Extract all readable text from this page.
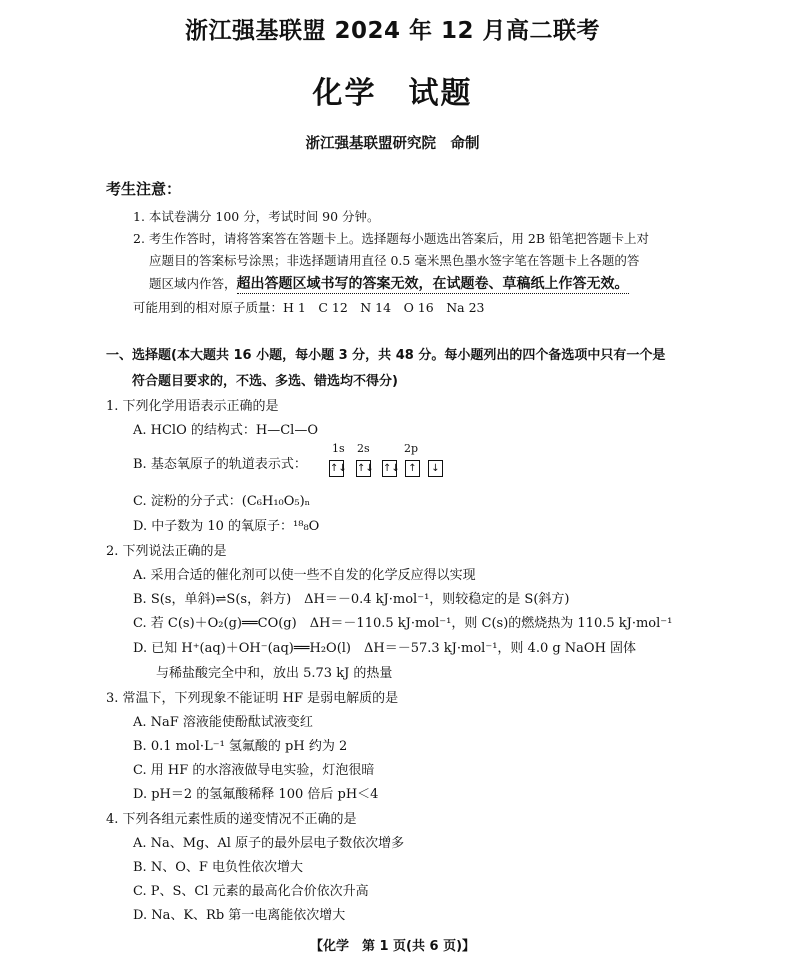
浙江强基联盟 2024 年 12 月高二联考
化学　试题
浙江强基联盟研究院　命制
考生注意：
1. 本试卷满分 100 分，考试时间 90 分钟。
2. 考生作答时，请将答案答在答题卡上。选择题每小题选出答案后，用 2B 铅笔把答题卡上对
应题目的答案标号涂黑；非选择题请用直径 0.5 毫米黑色墨水签字笔在答题卡上各题的答
题区域内作答，超出答题区域书写的答案无效，在试题卷、草稿纸上作答无效。
可能用到的相对原子质量：H 1　C 12　N 14　O 16　Na 23
一、选择题(本大题共 16 小题，每小题 3 分，共 48 分。每小题列出的四个备选项中只有一个是
符合题目要求的，不选、多选、错选均不得分)
1. 下列化学用语表示正确的是
A. HClO 的结构式：H—Cl—O
B. 基态氧原子的轨道表示式：
1s 2s	2p
↑↓ ↑↓ ↑↓ ↑	↓
C. 淀粉的分子式：(C₆H₁₀O₅)ₙ
D. 中子数为 10 的氧原子：¹⁸₈O
2. 下列说法正确的是
A. 采用合适的催化剂可以使一些不自发的化学反应得以实现
B. S(s，单斜)⇌S(s，斜方)　ΔH＝－0.4 kJ·mol⁻¹，则较稳定的是 S(斜方)
C. 若 C(s)＋O₂(g)══CO(g)　ΔH＝－110.5 kJ·mol⁻¹，则 C(s)的燃烧热为 110.5 kJ·mol⁻¹
D. 已知 H⁺(aq)＋OH⁻(aq)══H₂O(l)　ΔH＝－57.3 kJ·mol⁻¹，则 4.0 g NaOH 固体
与稀盐酸完全中和，放出 5.73 kJ 的热量
3. 常温下，下列现象不能证明 HF 是弱电解质的是
A. NaF 溶液能使酚酞试液变红
B. 0.1 mol·L⁻¹ 氢氟酸的 pH 约为 2
C. 用 HF 的水溶液做导电实验，灯泡很暗
D. pH＝2 的氢氟酸稀释 100 倍后 pH＜4
4. 下列各组元素性质的递变情况不正确的是
A. Na、Mg、Al 原子的最外层电子数依次增多
B. N、O、F 电负性依次增大
C. P、S、Cl 元素的最高化合价依次升高
D. Na、K、Rb 第一电离能依次增大
【化学　第 1 页(共 6 页)】
